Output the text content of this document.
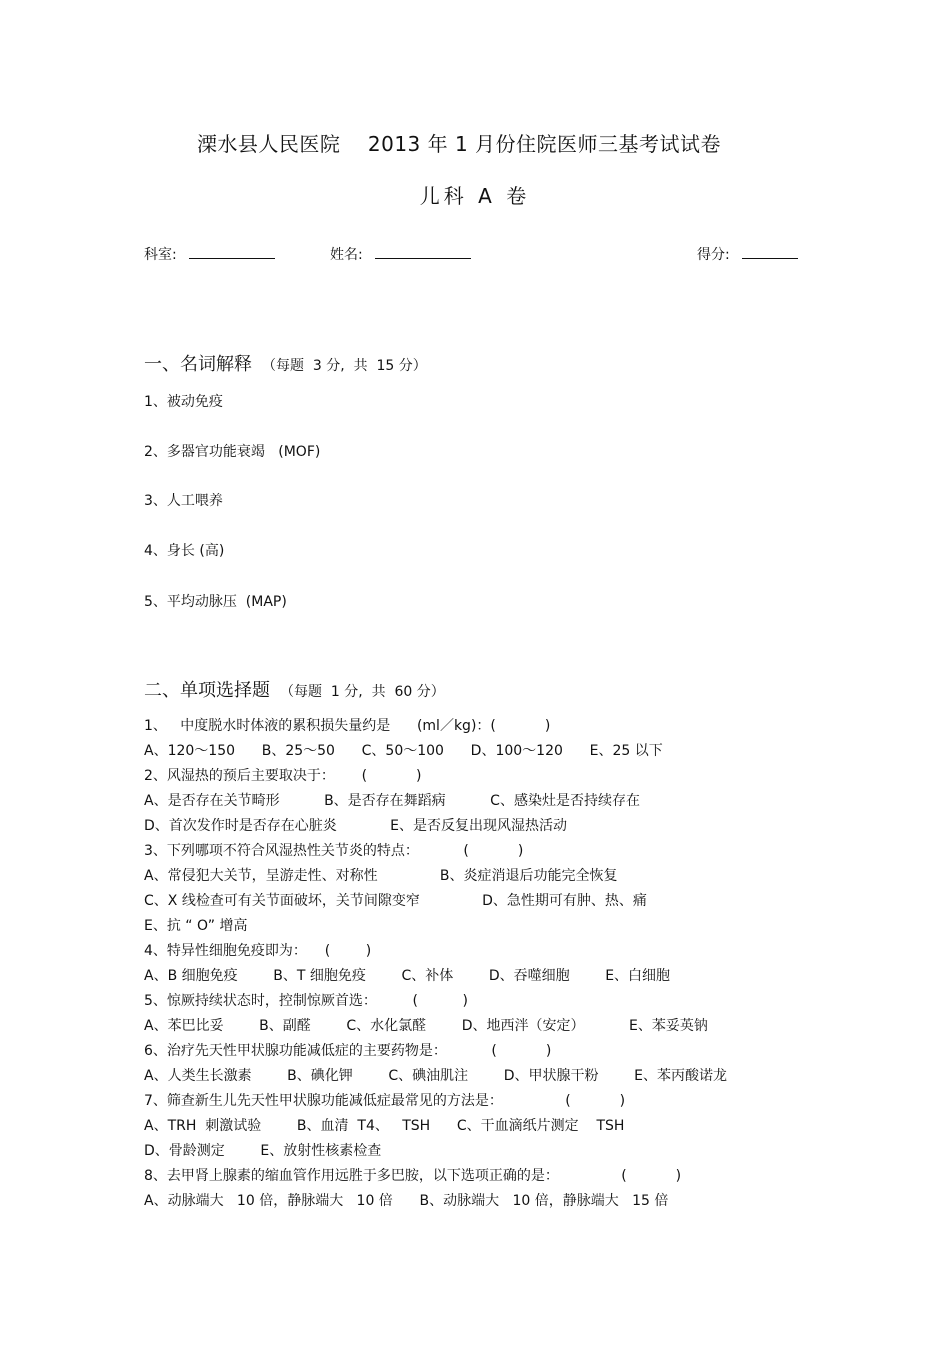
溧水县人民医院    2013 年 1 月份住院医师三基考试试卷
儿科 A 卷
科室:	姓名:	得分:
一、名词解释 （每题  3 分,  共  15 分）
1、被动免疫
2、多器官功能衰竭   (MOF)
3、人工喂养
4、身长 (高)
5、平均动脉压  (MAP)
二、单项选择题 （每题  1 分,  共  60 分）
1、   中度脱水时体液的累积损失量约是      (ml／kg)：(           )
A、120～150      B、25～50      C、50～100      D、100～120      E、25 以下
2、风湿热的预后主要取决于：      (           )
A、是否存在关节畸形          B、是否存在舞蹈病          C、感染灶是否持续存在
D、首次发作时是否存在心脏炎            E、是否反复出现风湿热活动
3、下列哪项不符合风湿热性关节炎的特点：          (           )
A、常侵犯大关节，呈游走性、对称性              B、炎症消退后功能完全恢复
C、X 线检查可有关节面破坏，关节间隙变窄              D、急性期可有肿、热、痛
E、抗 “ O” 增高
4、特异性细胞免疫即为：    (        )
A、B 细胞免疫        B、T 细胞免疫        C、补体        D、吞噬细胞        E、白细胞
5、惊厥持续状态时，控制惊厥首选：        (          )
A、苯巴比妥        B、副醛        C、水化氯醛        D、地西泮（安定）          E、苯妥英钠
6、治疗先天性甲状腺功能减低症的主要药物是：          (           )
A、人类生长激素        B、碘化钾        C、碘油肌注        D、甲状腺干粉        E、苯丙酸诺龙
7、筛查新生儿先天性甲状腺功能减低症最常见的方法是：              (           )
A、TRH  刺激试验        B、血清  T4、   TSH      C、干血滴纸片测定    TSH
D、骨龄测定        E、放射性核素检查
8、去甲肾上腺素的缩血管作用远胜于多巴胺，以下选项正确的是：              (           )
A、动脉端大   10 倍，静脉端大   10 倍      B、动脉端大   10 倍，静脉端大   15 倍
